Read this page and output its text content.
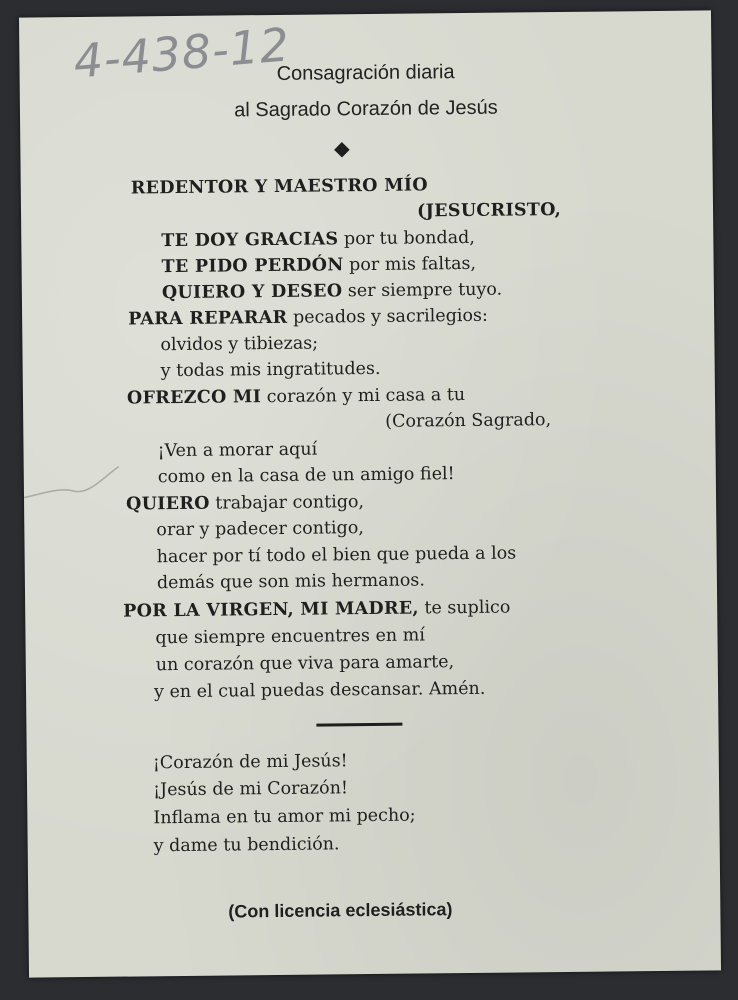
4-438-12
Consagración diaria
al Sagrado Corazón de Jesús
REDENTOR Y MAESTRO MÍO
(JESUCRISTO,
TE DOY GRACIAS por tu bondad,
TE PIDO PERDÓN por mis faltas,
QUIERO Y DESEO ser siempre tuyo.
PARA REPARAR pecados y sacrilegios:
olvidos y tibiezas;
y todas mis ingratitudes.
OFREZCO MI corazón y mi casa a tu
(Corazón Sagrado,
¡Ven a morar aquí
como en la casa de un amigo fiel!
QUIERO trabajar contigo,
orar y padecer contigo,
hacer por tí todo el bien que pueda a los
demás que son mis hermanos.
POR LA VIRGEN, MI MADRE, te suplico
que siempre encuentres en mí
un corazón que viva para amarte,
y en el cual puedas descansar. Amén.
¡Corazón de mi Jesús!
¡Jesús de mi Corazón!
Inflama en tu amor mi pecho;
y dame tu bendición.
(Con licencia eclesiástica)
